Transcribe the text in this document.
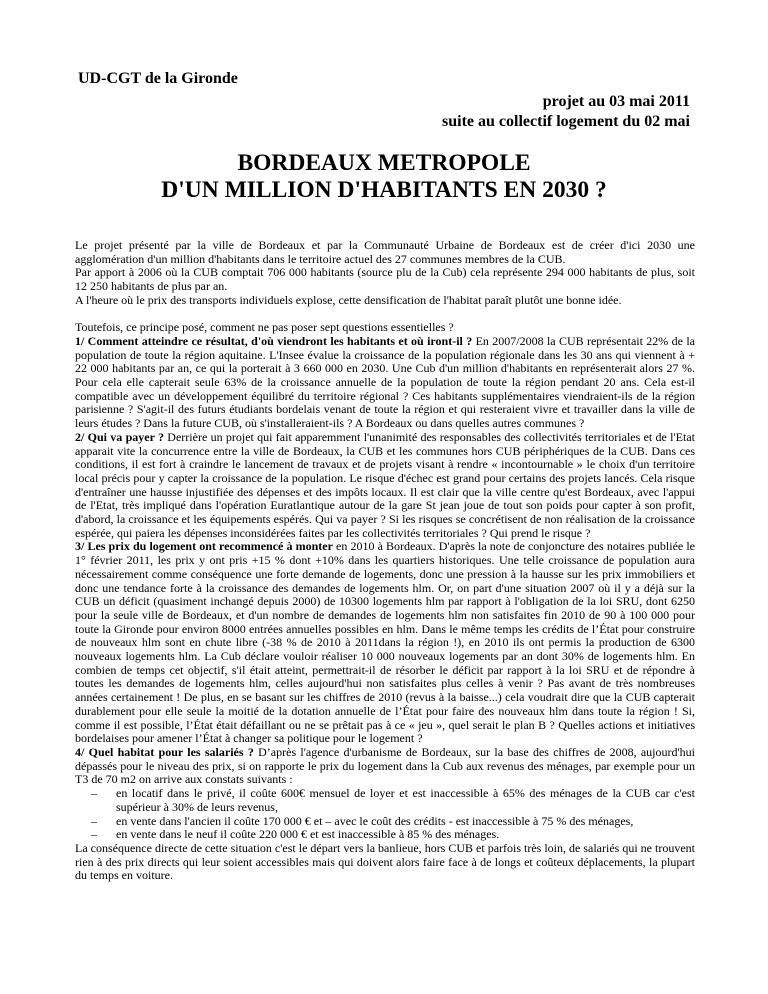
UD-CGT de la Gironde
projet au 03 mai 2011
suite au collectif logement du 02 mai
BORDEAUX METROPOLE
D'UN MILLION D'HABITANTS EN 2030 ?

Le projet présenté par la ville de Bordeaux et par la Communauté Urbaine de Bordeaux est de créer d'ici 2030 une agglomération d'un million d'habitants dans le territoire actuel des 27 communes membres de la CUB.

Par apport à 2006 où la CUB comptait 706 000 habitants (source plu de la Cub) cela représente 294 000 habitants de plus, soit 12 250 habitants de plus par an.

A l'heure où le prix des transports individuels explose, cette densification de l'habitat paraît plutôt une bonne idée.

Toutefois, ce principe posé, comment ne pas poser sept questions essentielles ?

1/ Comment atteindre ce résultat, d'où viendront les habitants et où iront-il ? En 2007/2008 la CUB représentait 22% de la population de toute la région aquitaine. L'Insee évalue la croissance de la population régionale dans les 30 ans qui viennent à + 22 000 habitants par an, ce qui la porterait à 3 660 000 en 2030. Une Cub d'un million d'habitants en représenterait alors 27 %. Pour cela elle capterait seule 63% de la croissance annuelle de la population de toute la région pendant 20 ans. Cela est-il compatible avec un développement équilibré du territoire régional ? Ces habitants supplémentaires viendraient-ils de la région parisienne ? S'agit-il des futurs étudiants bordelais venant de toute la région et qui resteraient vivre et travailler dans la ville de leurs études ? Dans la future CUB, où s'installeraient-ils ? A Bordeaux ou dans quelles autres communes ?

2/ Qui va payer ? Derrière un projet qui fait apparemment l'unanimité des responsables des collectivités territoriales et de l'Etat apparait vite la concurrence entre la ville de Bordeaux, la CUB et les communes hors CUB périphériques de la CUB. Dans ces conditions, il est fort à craindre le lancement de travaux et de projets visant à rendre « incontournable » le choix d'un territoire local précis pour y capter la croissance de la population. Le risque d'échec est grand pour certains des projets lancés. Cela risque d'entraîner une hausse injustifiée des dépenses et des impôts locaux. Il est clair que la ville centre qu'est Bordeaux, avec l'appui de l'Etat, très impliqué dans l'opération Euratlantique autour de la gare St jean joue de tout son poids pour capter à son profit, d'abord, la croissance et les équipements espérés. Qui va payer ? Si les risques se concrétisent de non réalisation de la croissance espérée, qui paiera les dépenses inconsidérées faites par les collectivités territoriales ? Qui prend le risque ?

3/ Les prix du logement ont recommencé à monter en 2010 à Bordeaux. D'après la note de conjoncture des notaires publiée le 1° février 2011, les prix y ont pris +15 % dont +10% dans les quartiers historiques. Une telle croissance de population aura nécessairement comme conséquence une forte demande de logements, donc une pression à la hausse sur les prix immobiliers et donc une tendance forte à la croissance des demandes de logements hlm. Or, on part d'une situation 2007 où il y a déjà sur la CUB un déficit (quasiment inchangé depuis 2000) de 10300 logements hlm par rapport à l'obligation de la loi SRU, dont 6250 pour la seule ville de Bordeaux, et d'un nombre de demandes de logements hlm non satisfaites fin 2010 de 90 à 100 000 pour toute la Gironde pour environ 8000 entrées annuelles possibles en hlm. Dans le même temps les crédits de l’État pour construire de nouveaux hlm sont en chute libre (-38 % de 2010 à 2011dans la région !), en 2010 ils ont permis la production de 6300 nouveaux logements hlm. La Cub déclare vouloir réaliser 10 000 nouveaux logements par an dont 30% de logements hlm. En combien de temps cet objectif, s'il était atteint, permettrait-il de résorber le déficit par rapport à la loi SRU et de répondre à toutes les demandes de logements hlm, celles aujourd'hui non satisfaites plus celles à venir ? Pas avant de très nombreuses années certainement ! De plus, en se basant sur les chiffres de 2010 (revus à la baisse...) cela voudrait dire que la CUB capterait durablement pour elle seule la moitié de la dotation annuelle de l’État pour faire des nouveaux hlm dans toute la région ! Si, comme il est possible, l’État était défaillant ou ne se prêtait pas à ce « jeu », quel serait le plan B ? Quelles actions et initiatives bordelaises pour amener l’État à changer sa politique pour le logement ?

4/ Quel habitat pour les salariés ? D’après l'agence d'urbanisme de Bordeaux, sur la base des chiffres de 2008, aujourd'hui dépassés pour le niveau des prix, si on rapporte le prix du logement dans la Cub aux revenus des ménages, par exemple pour un T3 de 70 m2 on arrive aux constats suivants :

– en locatif dans le privé, il coûte 600€ mensuel de loyer et est inaccessible à 65% des ménages de la CUB car c'est supérieur à 30% de leurs revenus,
– en vente dans l'ancien il coûte 170 000 € et – avec le coût des crédits - est inaccessible à 75 % des ménages,
– en vente dans le neuf il coûte 220 000 € et est inaccessible à 85 % des ménages.

La conséquence directe de cette situation c'est le départ vers la banlieue, hors CUB et parfois très loin, de salariés qui ne trouvent rien à des prix directs qui leur soient accessibles mais qui doivent alors faire face à de longs et coûteux déplacements, la plupart du temps en voiture.
